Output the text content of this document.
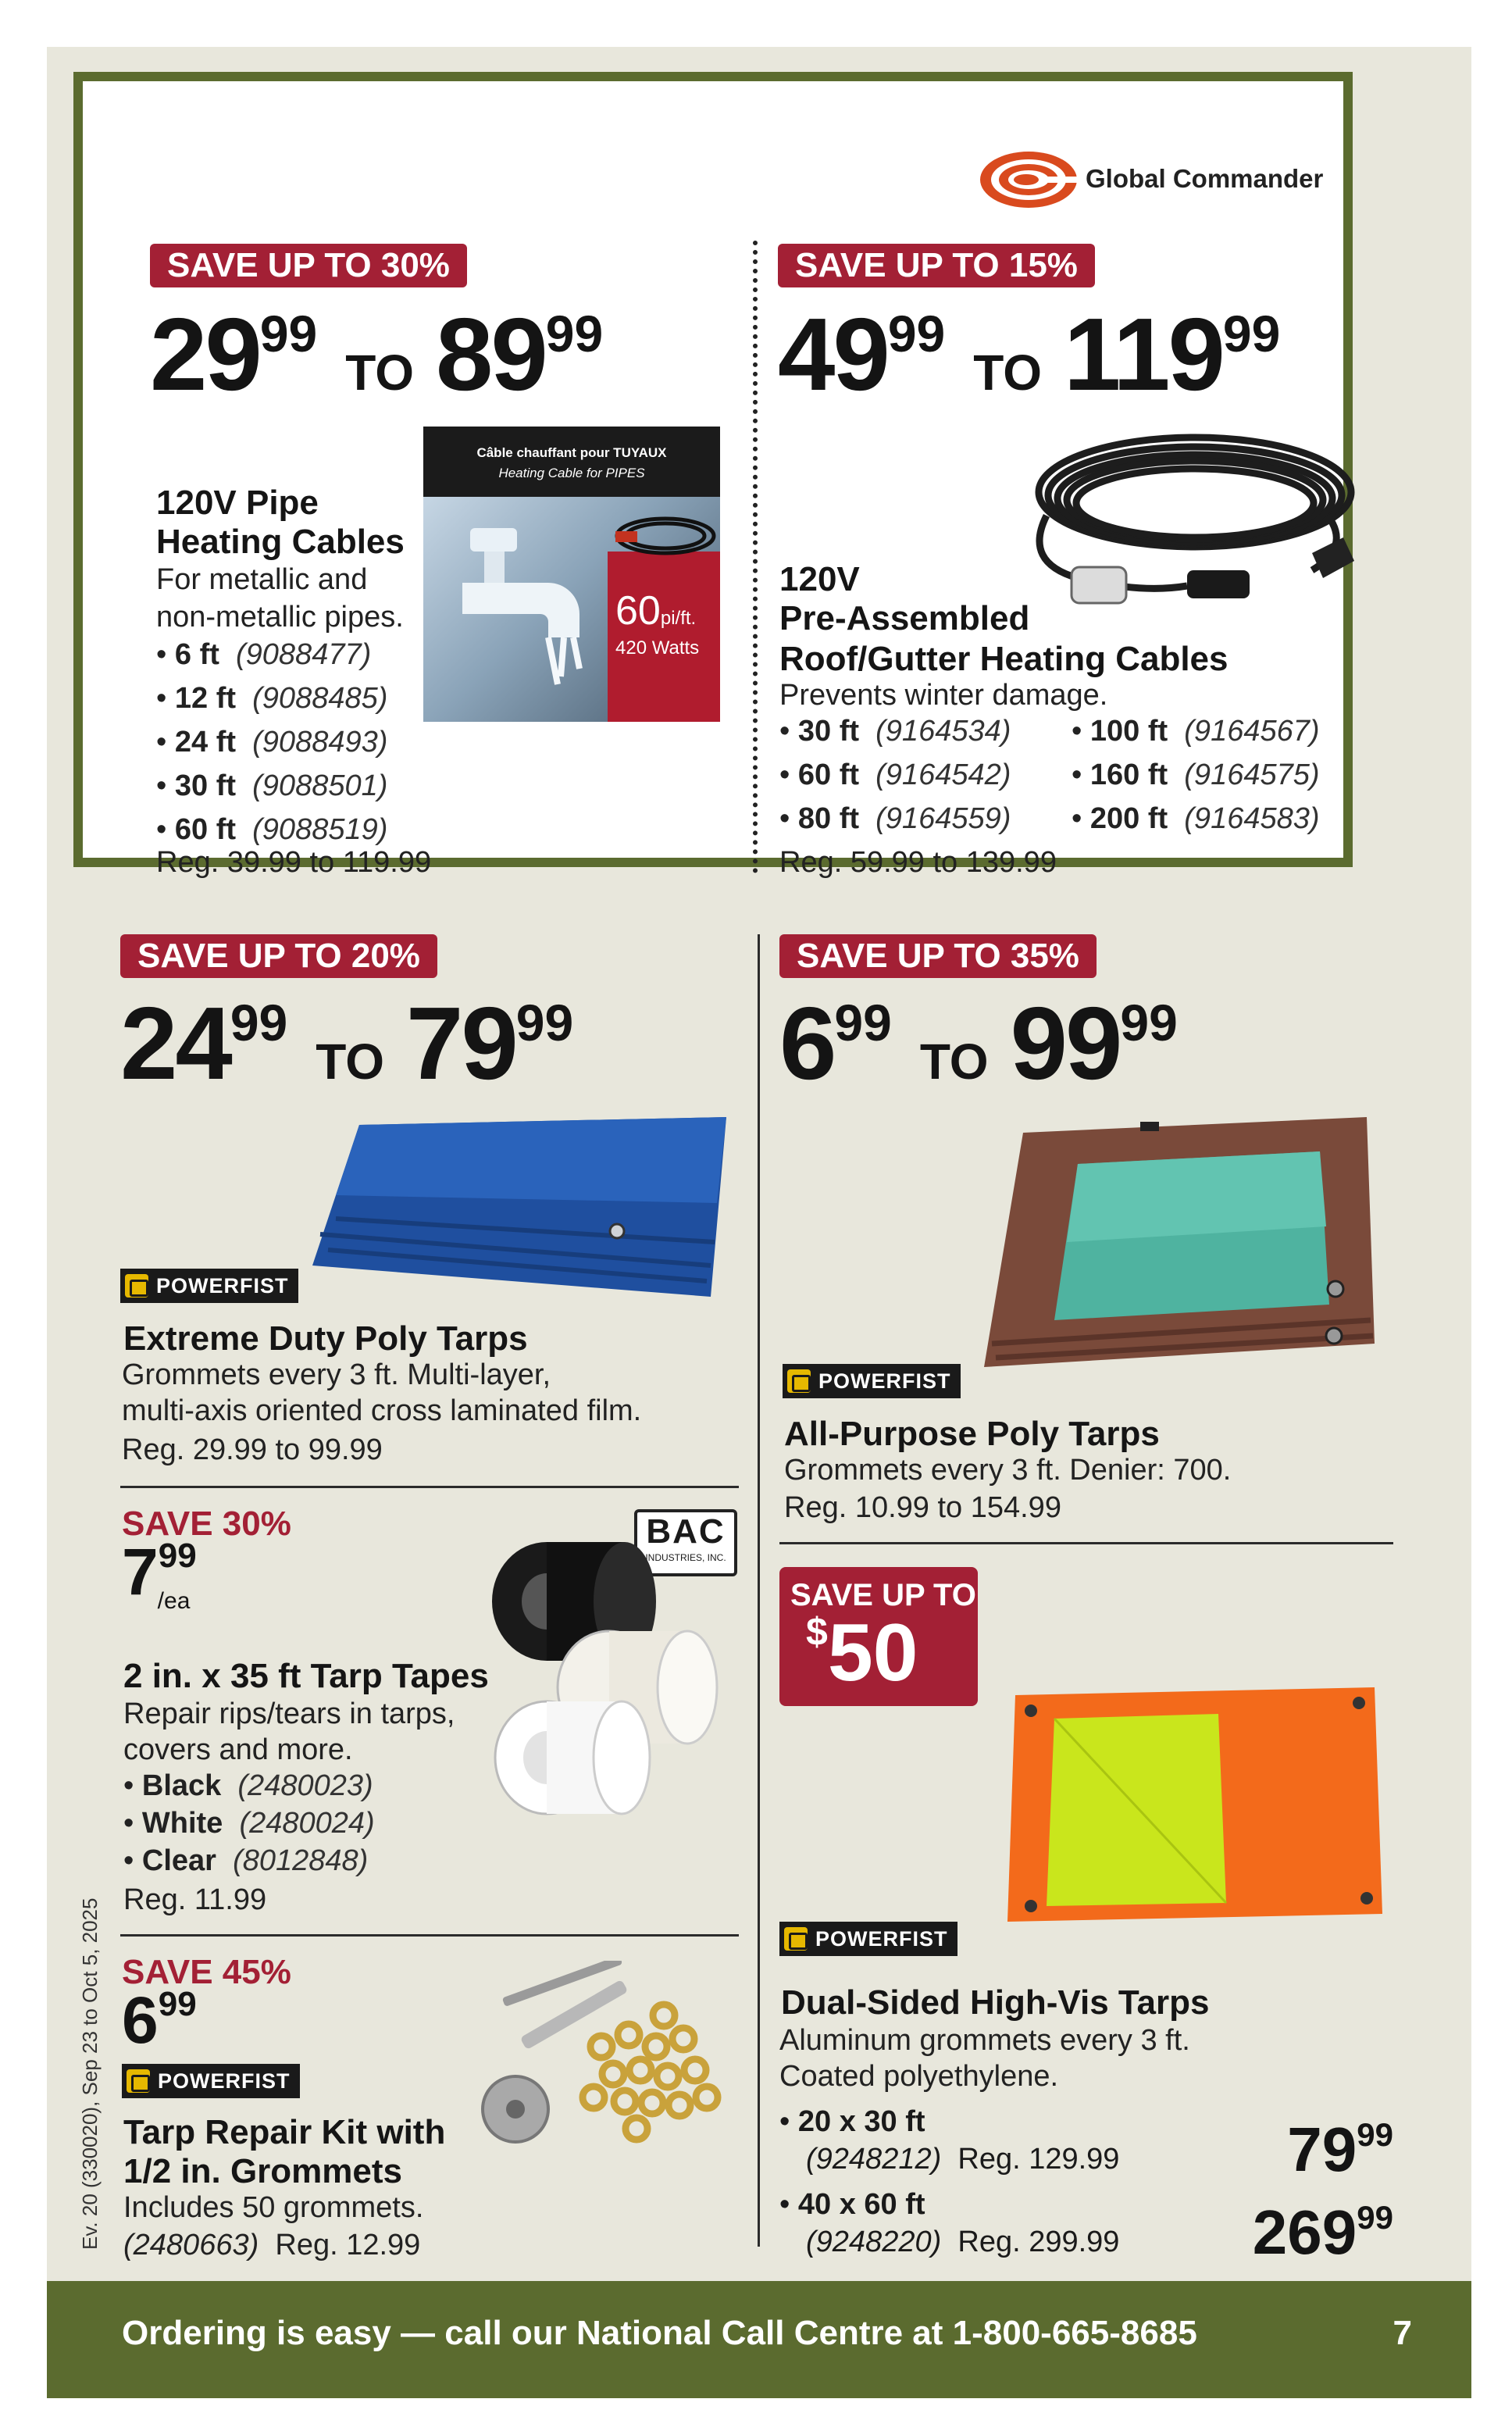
Global Commander
SAVE UP TO 30%
2999TO 8999
Câble chauffant pour TUYAUX
Heating Cable for PIPES
60pi/ft.
420 Watts
120V Pipe
Heating Cables
For metallic and
non-metallic pipes.
• 6 ft (9088477)
• 12 ft (9088485)
• 24 ft (9088493)
• 30 ft (9088501)
• 60 ft (9088519)
Reg. 39.99 to 119.99
SAVE UP TO 15%
4999TO 11999
120V
Pre-Assembled
Roof/Gutter Heating Cables
Prevents winter damage.
• 30 ft (9164534)
• 60 ft (9164542)
• 80 ft (9164559)
• 100 ft (9164567)
• 160 ft (9164575)
• 200 ft (9164583)
Reg. 59.99 to 139.99
SAVE UP TO 20%
2499TO 7999
POWERFIST
Extreme Duty Poly Tarps
Grommets every 3 ft. Multi-layer,
multi-axis oriented cross laminated film.
Reg. 29.99 to 99.99
SAVE 30%
799/ea
BAC
INDUSTRIES, INC.
2 in. x 35 ft Tarp Tapes
Repair rips/tears in tarps,
covers and more.
• Black (2480023)
• White (2480024)
• Clear (8012848)
Reg. 11.99
SAVE 45%
699
POWERFIST
Tarp Repair Kit with
1/2 in. Grommets
Includes 50 grommets.
(2480663) Reg. 12.99
Ev. 20 (330020), Sep 23 to Oct 5, 2025
SAVE UP TO 35%
699TO 9999
POWERFIST
All-Purpose Poly Tarps
Grommets every 3 ft. Denier: 700.
Reg. 10.99 to 154.99
SAVE UP TO
$50
POWERFIST
Dual-Sided High-Vis Tarps
Aluminum grommets every 3 ft.
Coated polyethylene.
• 20 x 30 ft
(9248212) Reg. 129.99	7999
• 40 x 60 ft
(9248220) Reg. 299.99 26999
Ordering is easy — call our National Call Centre at 1-800-665-8685	7
